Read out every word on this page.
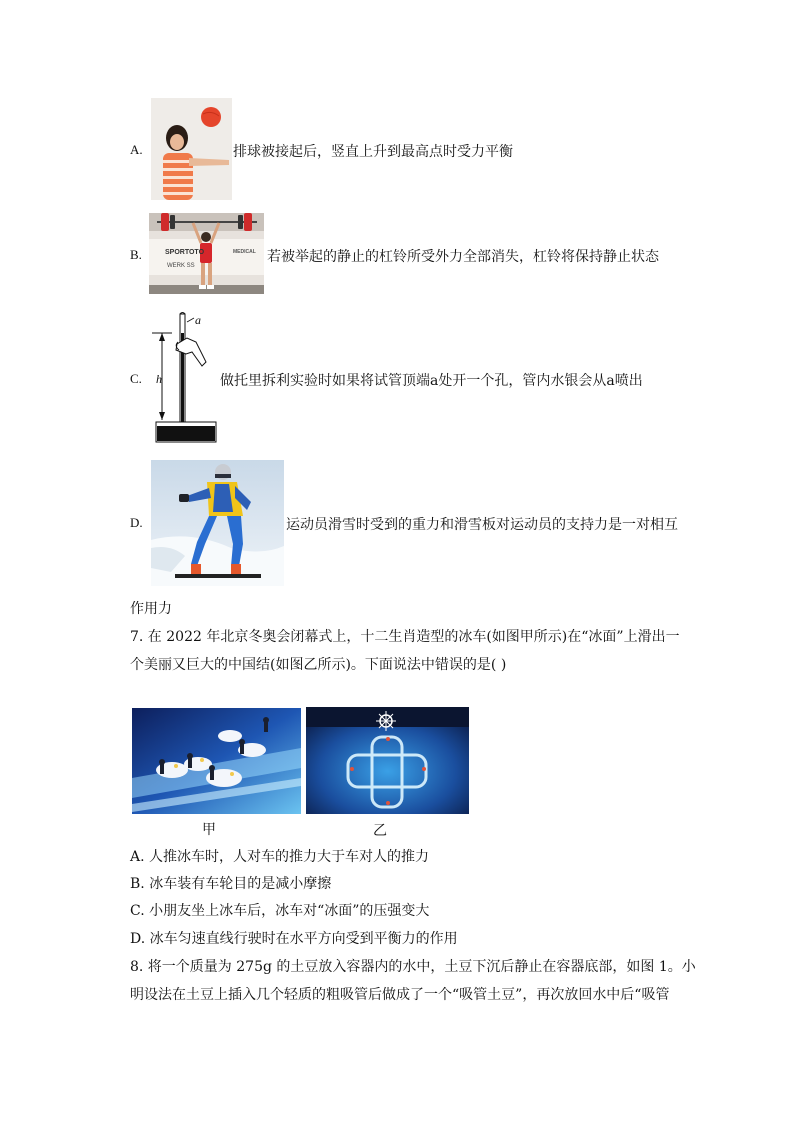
A.	排球被接起后，竖直上升到最高点时受力平衡
B.	SPORTOTO	MEDICAL
WERK SS
若被举起的静止的杠铃所受外力全部消失，杠铃将保持静止状态
C.
a
h	做托里拆利实验时如果将试管顶端a处开一个孔，管内水银会从a喷出
D.	运动员滑雪时受到的重力和滑雪板对运动员的支持力是一对相互
作用力
7. 在 2022 年北京冬奥会闭幕式上，十二生肖造型的冰车(如图甲所示)在“冰面”上滑出一
个美丽又巨大的中国结(如图乙所示)。下面说法中错误的是( )
甲	乙
A. 人推冰车时，人对车的推力大于车对人的推力
B. 冰车装有车轮目的是减小摩擦
C. 小朋友坐上冰车后，冰车对“冰面”的压强变大
D. 冰车匀速直线行驶时在水平方向受到平衡力的作用
8. 将一个质量为 275g 的土豆放入容器内的水中，土豆下沉后静止在容器底部，如图 1。小
明设法在土豆上插入几个轻质的粗吸管后做成了一个“吸管土豆”，再次放回水中后“吸管
